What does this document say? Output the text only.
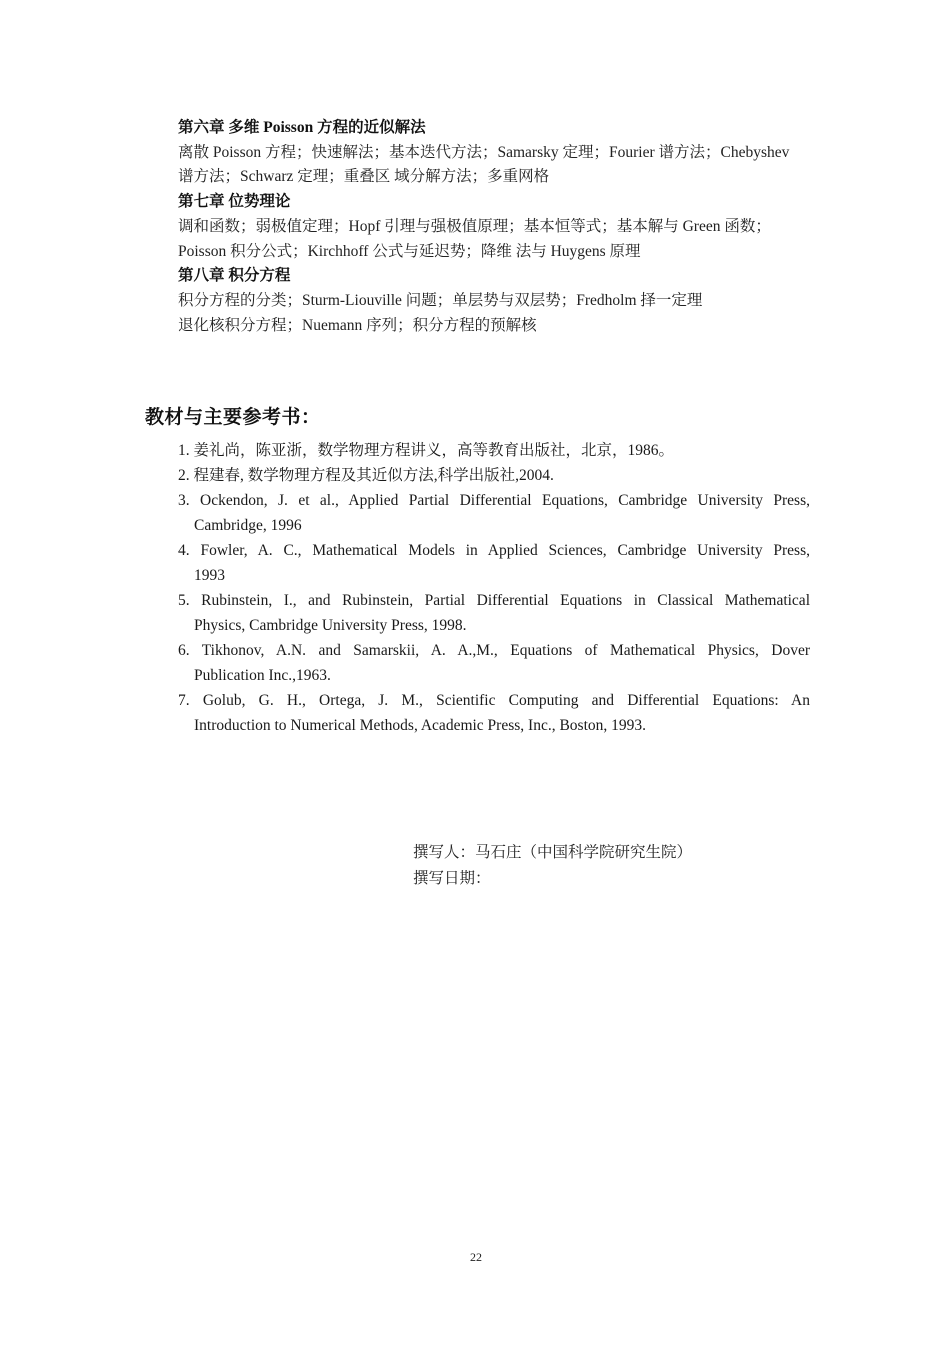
第六章 多维 Poisson 方程的近似解法
离散 Poisson 方程；快速解法；基本迭代方法；Samarsky 定理；Fourier 谱方法；Chebyshev
谱方法；Schwarz 定理；重叠区 域分解方法；多重网格
第七章 位势理论
调和函数；弱极值定理；Hopf 引理与强极值原理；基本恒等式；基本解与 Green 函数；
Poisson 积分公式；Kirchhoff 公式与延迟势；降维 法与 Huygens 原理
第八章 积分方程
积分方程的分类；Sturm-Liouville 问题；单层势与双层势；Fredholm 择一定理
退化核积分方程；Nuemann 序列；积分方程的预解核
教材与主要参考书：
1. 姜礼尚，陈亚浙，数学物理方程讲义，高等教育出版社，北京，1986。
2. 程建春, 数学物理方程及其近似方法,科学出版社,2004.
3. Ockendon, J. et al., Applied Partial Differential Equations, Cambridge University Press,
Cambridge, 1996
4. Fowler, A. C., Mathematical Models in Applied Sciences, Cambridge University Press,
1993
5. Rubinstein, I., and Rubinstein, Partial Differential Equations in Classical Mathematical
Physics, Cambridge University Press, 1998.
6. Tikhonov, A.N. and Samarskii, A. A.,M., Equations of Mathematical Physics, Dover
Publication Inc.,1963.
7. Golub, G. H., Ortega, J. M., Scientific Computing and Differential Equations: An
Introduction to Numerical Methods, Academic Press, Inc., Boston, 1993.
撰写人：马石庄（中国科学院研究生院）
撰写日期：
22
